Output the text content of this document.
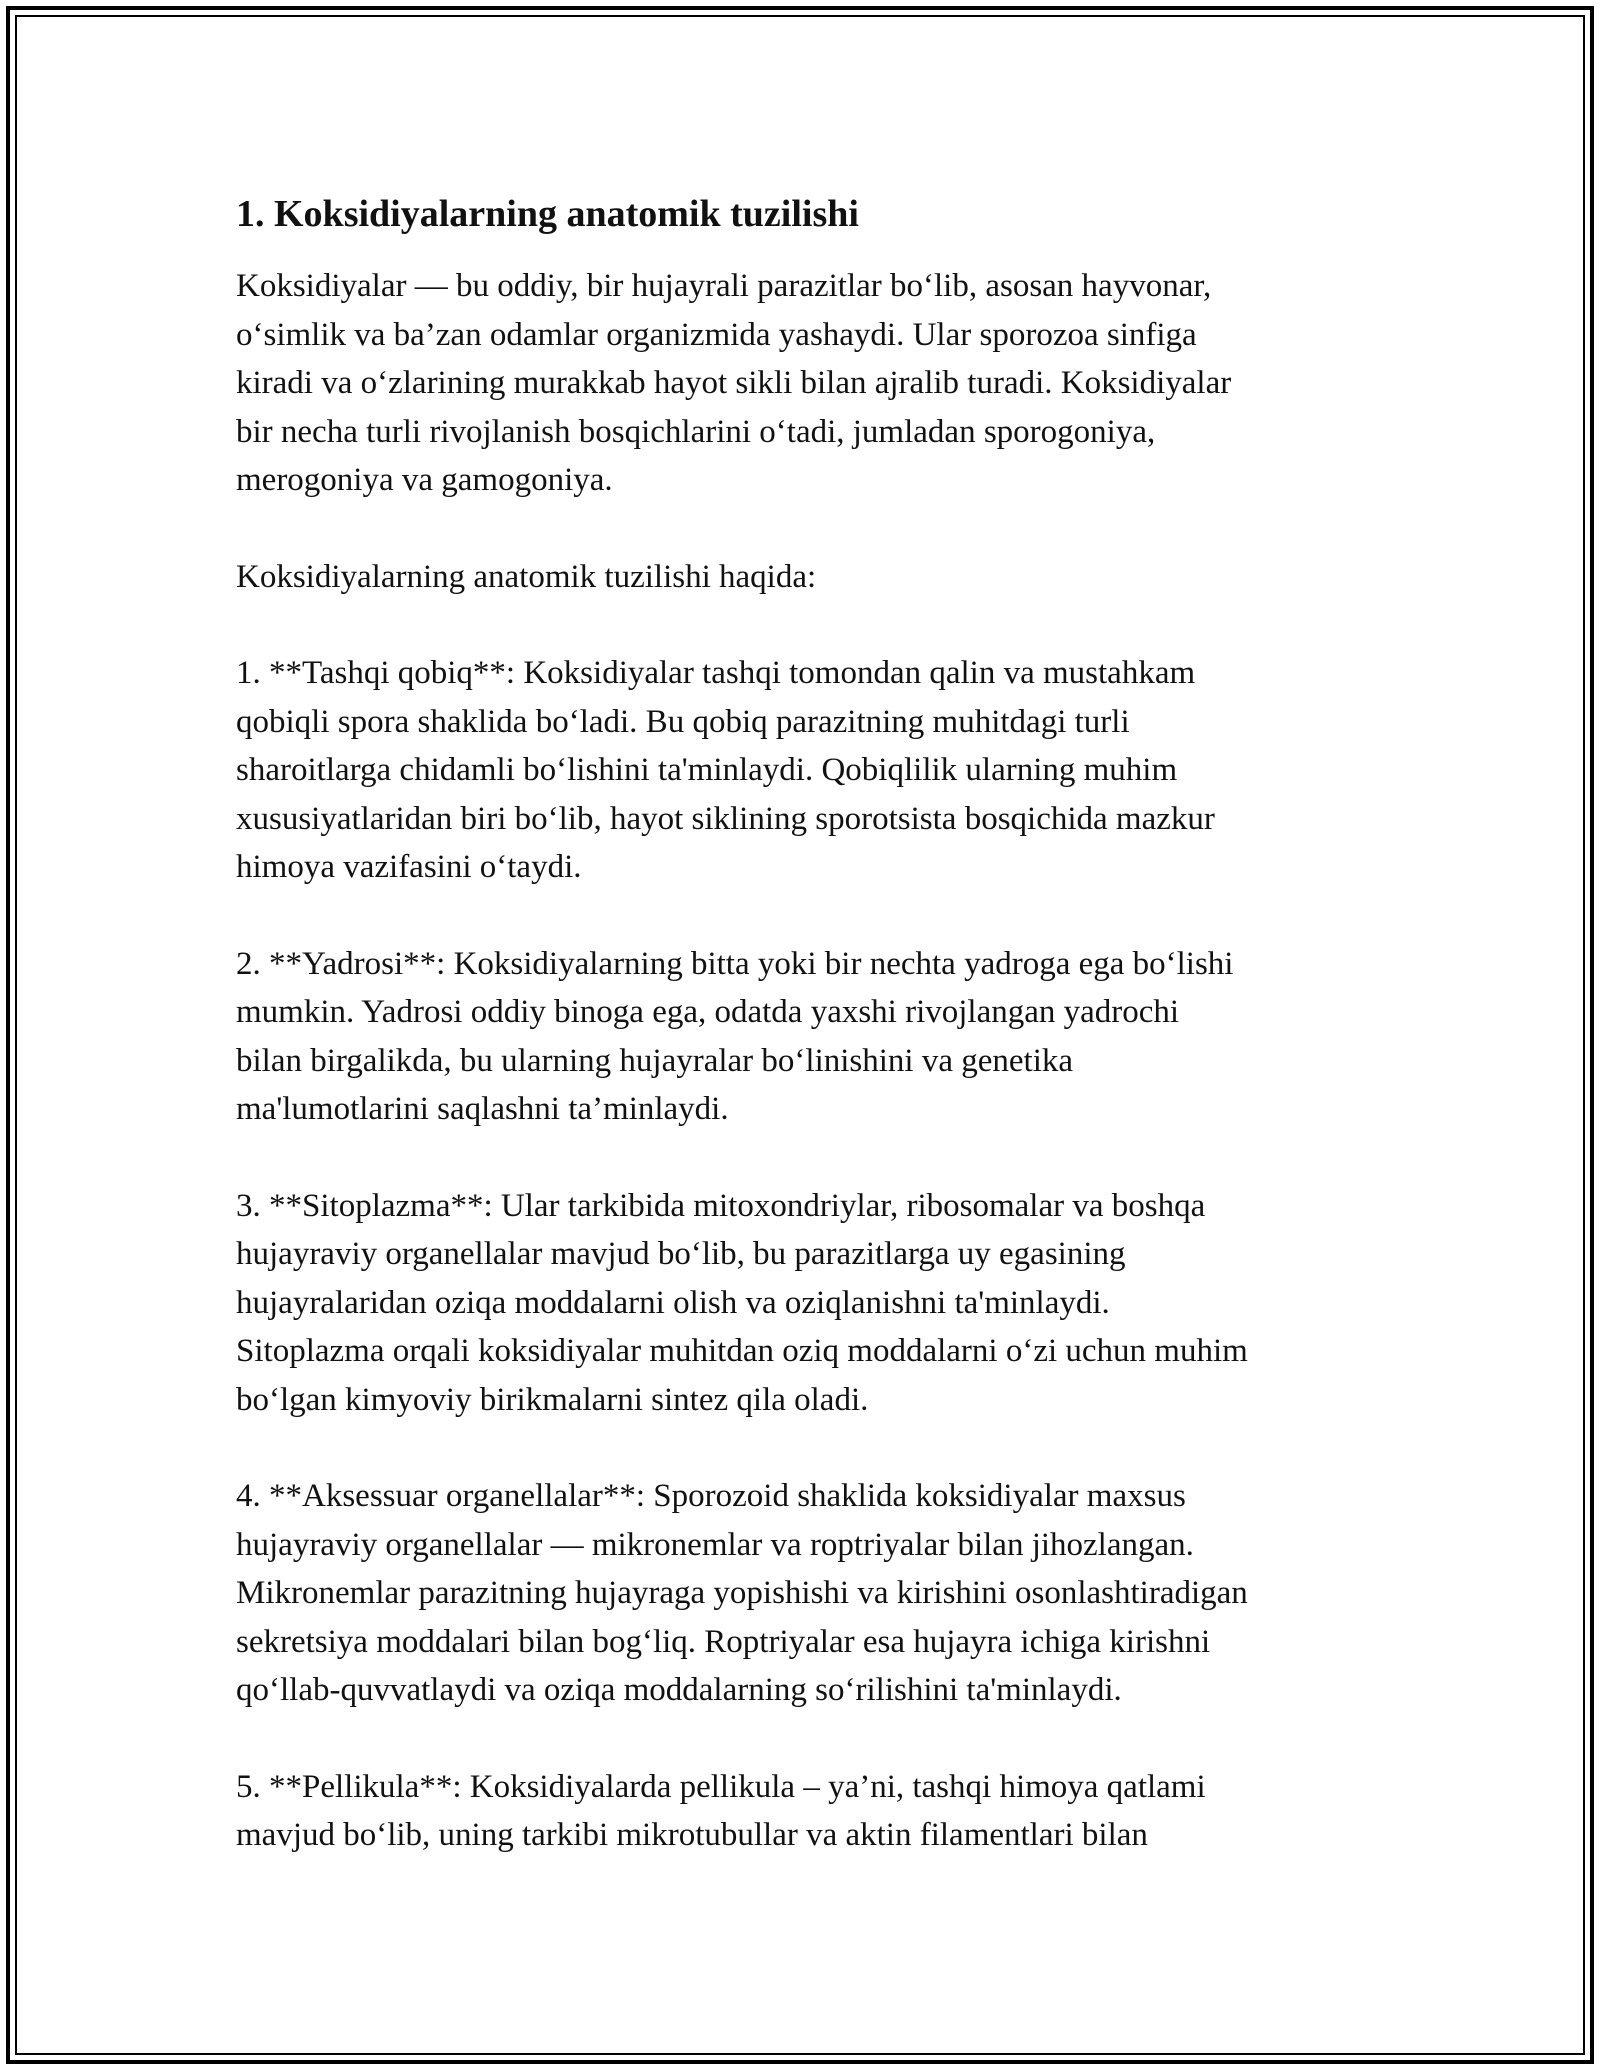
1. Koksidiyalarning anatomik tuzilishi
Koksidiyalar — bu oddiy, bir hujayrali parazitlar bo‘lib, asosan hayvonar,
o‘simlik va ba’zan odamlar organizmida yashaydi. Ular sporozoa sinfiga
kiradi va o‘zlarining murakkab hayot sikli bilan ajralib turadi. Koksidiyalar
bir necha turli rivojlanish bosqichlarini o‘tadi, jumladan sporogoniya,
merogoniya va gamogoniya.
Koksidiyalarning anatomik tuzilishi haqida:
1. **Tashqi qobiq**: Koksidiyalar tashqi tomondan qalin va mustahkam
qobiqli spora shaklida bo‘ladi. Bu qobiq parazitning muhitdagi turli
sharoitlarga chidamli bo‘lishini ta'minlaydi. Qobiqlilik ularning muhim
xususiyatlaridan biri bo‘lib, hayot siklining sporotsista bosqichida mazkur
himoya vazifasini o‘taydi.
2. **Yadrosi**: Koksidiyalarning bitta yoki bir nechta yadroga ega bo‘lishi
mumkin. Yadrosi oddiy binoga ega, odatda yaxshi rivojlangan yadrochi
bilan birgalikda, bu ularning hujayralar bo‘linishini va genetika
ma'lumotlarini saqlashni ta’minlaydi.
3. **Sitoplazma**: Ular tarkibida mitoxondriylar, ribosomalar va boshqa
hujayraviy organellalar mavjud bo‘lib, bu parazitlarga uy egasining
hujayralaridan oziqa moddalarni olish va oziqlanishni ta'minlaydi.
Sitoplazma orqali koksidiyalar muhitdan oziq moddalarni o‘zi uchun muhim
bo‘lgan kimyoviy birikmalarni sintez qila oladi.
4. **Aksessuar organellalar**: Sporozoid shaklida koksidiyalar maxsus
hujayraviy organellalar — mikronemlar va roptriyalar bilan jihozlangan.
Mikronemlar parazitning hujayraga yopishishi va kirishini osonlashtiradigan
sekretsiya moddalari bilan bog‘liq. Roptriyalar esa hujayra ichiga kirishni
qo‘llab-quvvatlaydi va oziqa moddalarning so‘rilishini ta'minlaydi.
5. **Pellikula**: Koksidiyalarda pellikula – ya’ni, tashqi himoya qatlami
mavjud bo‘lib, uning tarkibi mikrotubullar va aktin filamentlari bilan
